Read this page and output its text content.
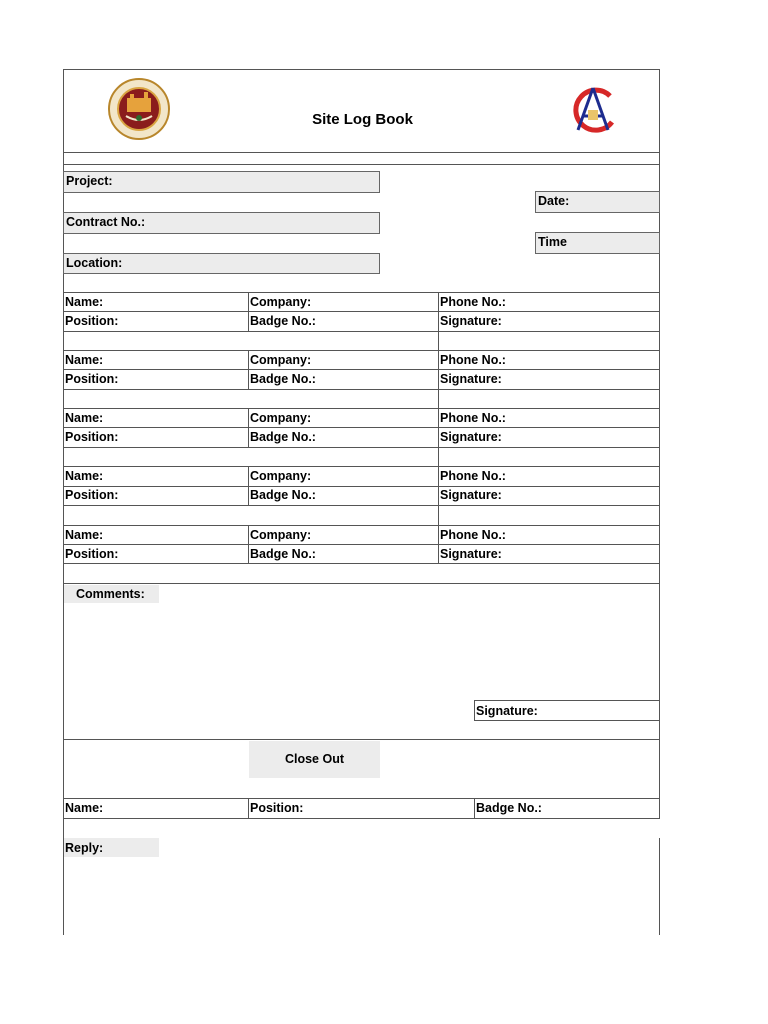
Site Log Book
Project:
Contract No.:
Location:
Date:
Time
Name:	Company:	Phone No.:
Position:	Badge No.:	Signature:
Name:	Company:	Phone No.:
Position:	Badge No.:	Signature:
Name:	Company:	Phone No.:
Position:	Badge No.:	Signature:
Name:	Company:	Phone No.:
Position:	Badge No.:	Signature:
Name:	Company:	Phone No.:
Position:	Badge No.:	Signature:
Comments:
Signature:
Close Out
Name:	Position:	Badge No.:
Reply:
